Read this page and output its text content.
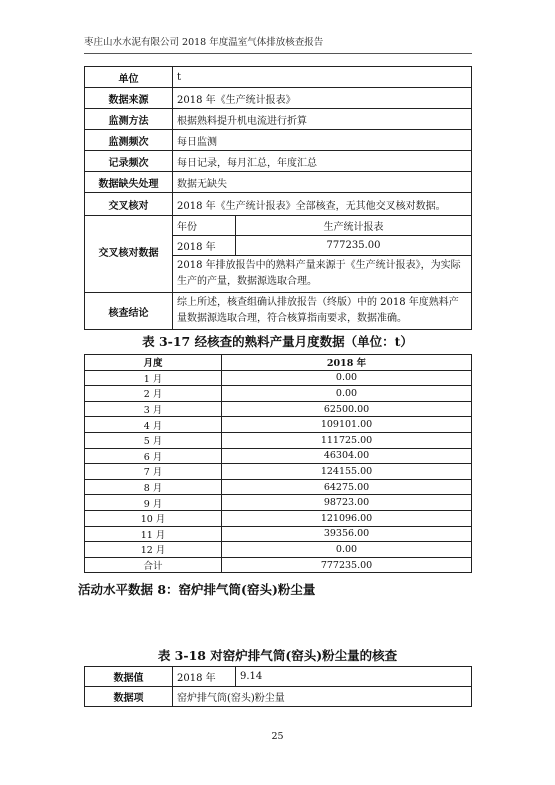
枣庄山水水泥有限公司 2018 年度温室气体排放核查报告
单位	t
数据来源	2018 年《生产统计报表》
监测方法	根据熟料提升机电流进行折算
监测频次	每日监测
记录频次	每日记录，每月汇总，年度汇总
数据缺失处理	数据无缺失
交叉核对	2018 年《生产统计报表》全部核查，无其他交叉核对数据。

交叉核对数据

年份	生产统计报表
2018 年	777235.00
2018 年排放报告中的熟料产量来源于《生产统计报表》，为实际生产的产量，数据源选取合理。

核查结论	综上所述，核查组确认排放报告（终版）中的 2018 年度熟料产量数据源选取合理，符合核算指南要求，数据准确。
表 3-17 经核查的熟料产量月度数据（单位：t）
月度	2018 年
1 月	0.00
2 月	0.00
3 月	62500.00
4 月	109101.00
5 月	111725.00
6 月	46304.00
7 月	124155.00
8 月	64275.00
9 月	98723.00
10 月	121096.00
11 月	39356.00
12 月	0.00
合计	777235.00
活动水平数据 8：窑炉排气筒(窑头)粉尘量
表 3-18 对窑炉排气筒(窑头)粉尘量的核查
数据值	2018 年	9.14
数据项	窑炉排气筒(窑头)粉尘量	
25
